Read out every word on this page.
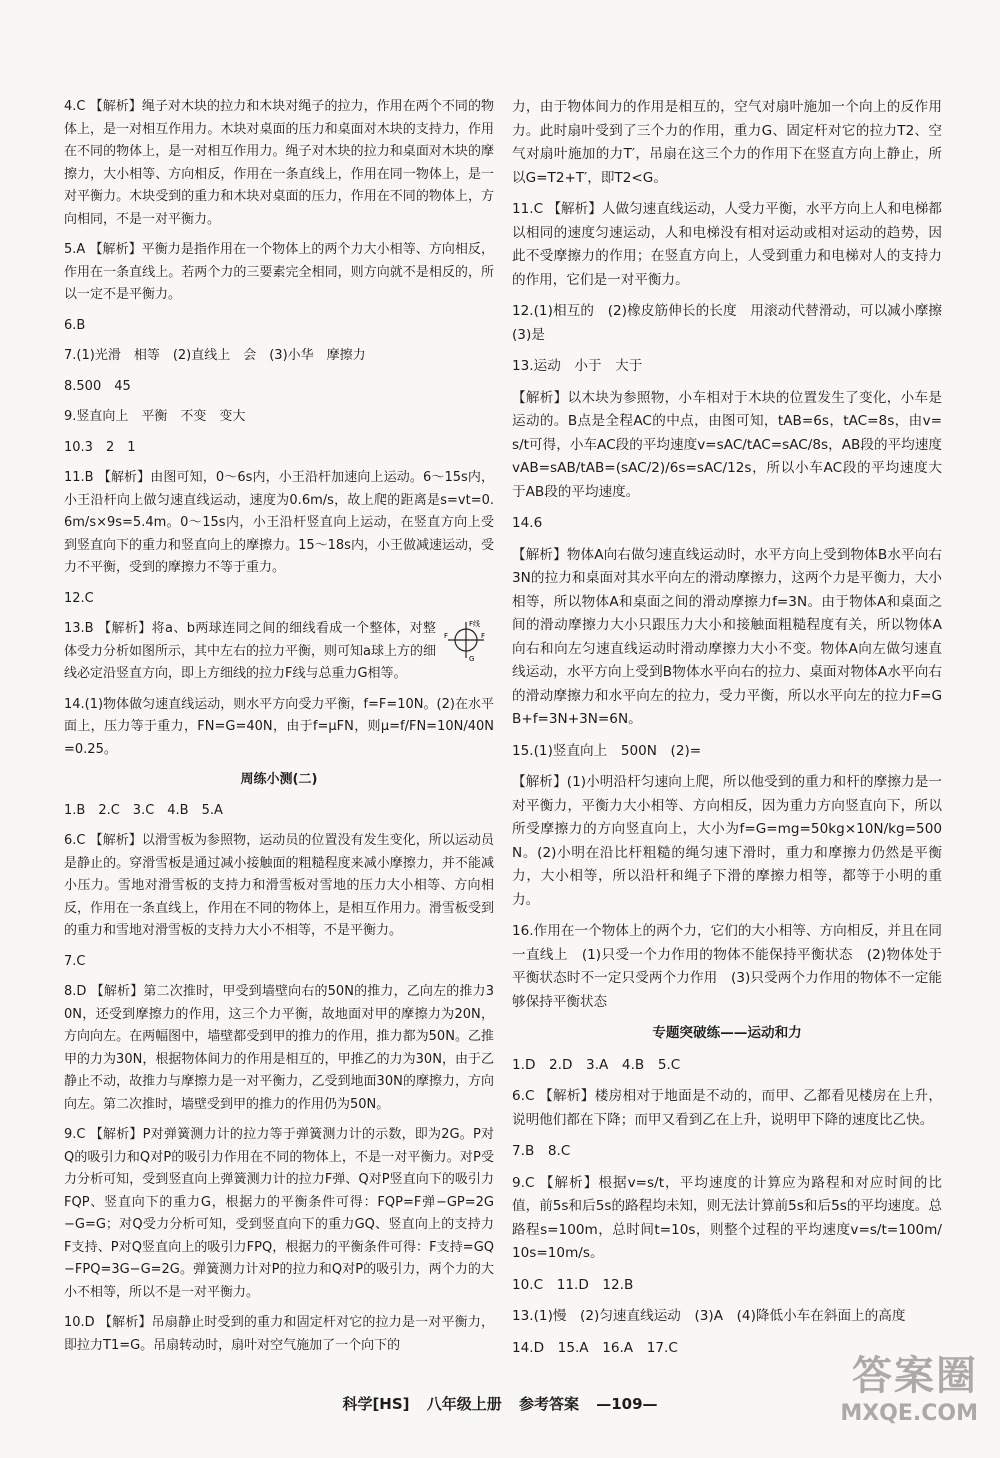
4.C 【解析】绳子对木块的拉力和木块对绳子的拉力，作用在两个不同的物体上，是一对相互作用力。木块对桌面的压力和桌面对木块的支持力，作用在不同的物体上，是一对相互作用力。绳子对木块的拉力和桌面对木块的摩擦力，大小相等、方向相反，作用在一条直线上，作用在同一物体上，是一对平衡力。木块受到的重力和木块对桌面的压力，作用在不同的物体上，方向相同，不是一对平衡力。
5.A 【解析】平衡力是指作用在一个物体上的两个力大小相等、方向相反，作用在一条直线上。若两个力的三要素完全相同，则方向就不是相反的，所以一定不是平衡力。
6.B
7.(1)光滑　相等　(2)直线上　会　(3)小华　摩擦力
8.500　45
9.竖直向上　平衡　不变　变大
10.3　2　1
11.B 【解析】由图可知，0～6s内，小王沿杆加速向上运动。6～15s内，小王沿杆向上做匀速直线运动，速度为0.6m/s，故上爬的距离是s=vt=0.6m/s×9s=5.4m。0～15s内，小王沿杆竖直向上运动，在竖直方向上受到竖直向下的重力和竖直向上的摩擦力。15～18s内，小王做减速运动，受力不平衡，受到的摩擦力不等于重力。
12.C
F线
F	F
G
13.B 【解析】将a、b两球连同之间的细线看成一个整体，对整体受力分析如图所示，其中左右的拉力平衡，则可知a球上方的细线必定沿竖直方向，即上方细线的拉力F线与总重力G相等。
14.(1)物体做匀速直线运动，则水平方向受力平衡，f=F=10N。(2)在水平面上，压力等于重力，FN=G=40N，由于f=μFN，则μ=f/FN=10N/40N=0.25。
周练小测(二)
1.B　2.C　3.C　4.B　5.A
6.C 【解析】以滑雪板为参照物，运动员的位置没有发生变化，所以运动员是静止的。穿滑雪板是通过减小接触面的粗糙程度来减小摩擦力，并不能减小压力。雪地对滑雪板的支持力和滑雪板对雪地的压力大小相等、方向相反，作用在一条直线上，作用在不同的物体上，是相互作用力。滑雪板受到的重力和雪地对滑雪板的支持力大小不相等，不是平衡力。
7.C
8.D 【解析】第二次推时，甲受到墙壁向右的50N的推力，乙向左的推力30N，还受到摩擦力的作用，这三个力平衡，故地面对甲的摩擦力为20N，方向向左。在两幅图中，墙壁都受到甲的推力的作用，推力都为50N。乙推甲的力为30N，根据物体间力的作用是相互的，甲推乙的力为30N，由于乙静止不动，故推力与摩擦力是一对平衡力，乙受到地面30N的摩擦力，方向向左。第二次推时，墙壁受到甲的推力的作用仍为50N。
9.C 【解析】P对弹簧测力计的拉力等于弹簧测力计的示数，即为2G。P对Q的吸引力和Q对P的吸引力作用在不同的物体上，不是一对平衡力。对P受力分析可知，受到竖直向上弹簧测力计的拉力F弹、Q对P竖直向下的吸引力FQP、竖直向下的重力G，根据力的平衡条件可得：FQP=F弹−GP=2G−G=G；对Q受力分析可知，受到竖直向下的重力GQ、竖直向上的支持力F支持、P对Q竖直向上的吸引力FPQ，根据力的平衡条件可得：F支持=GQ−FPQ=3G−G=2G。弹簧测力计对P的拉力和Q对P的吸引力，两个力的大小不相等，所以不是一对平衡力。
10.D 【解析】吊扇静止时受到的重力和固定杆对它的拉力是一对平衡力，即拉力T1=G。吊扇转动时，扇叶对空气施加了一个向下的
力，由于物体间力的作用是相互的，空气对扇叶施加一个向上的反作用力。此时扇叶受到了三个力的作用，重力G、固定杆对它的拉力T2、空气对扇叶施加的力T′，吊扇在这三个力的作用下在竖直方向上静止，所以G=T2+T′，即T2<G。
11.C 【解析】人做匀速直线运动，人受力平衡，水平方向上人和电梯都以相同的速度匀速运动，人和电梯没有相对运动或相对运动的趋势，因此不受摩擦力的作用；在竖直方向上，人受到重力和电梯对人的支持力的作用，它们是一对平衡力。
12.(1)相互的　(2)橡皮筋伸长的长度　用滚动代替滑动，可以减小摩擦　(3)是
13.运动　小于　大于
【解析】以木块为参照物，小车相对于木块的位置发生了变化，小车是运动的。B点是全程AC的中点，由图可知，tAB=6s，tAC=8s，由v=s/t可得，小车AC段的平均速度v=sAC/tAC=sAC/8s，AB段的平均速度vAB=sAB/tAB=(sAC/2)/6s=sAC/12s，所以小车AC段的平均速度大于AB段的平均速度。
14.6
【解析】物体A向右做匀速直线运动时，水平方向上受到物体B水平向右3N的拉力和桌面对其水平向左的滑动摩擦力，这两个力是平衡力，大小相等，所以物体A和桌面之间的滑动摩擦力f=3N。由于物体A和桌面之间的滑动摩擦力大小只跟压力大小和接触面粗糙程度有关，所以物体A向右和向左匀速直线运动时滑动摩擦力大小不变。物体A向左做匀速直线运动，水平方向上受到B物体水平向右的拉力、桌面对物体A水平向右的滑动摩擦力和水平向左的拉力，受力平衡，所以水平向左的拉力F=GB+f=3N+3N=6N。
15.(1)竖直向上　500N　(2)=
【解析】(1)小明沿杆匀速向上爬，所以他受到的重力和杆的摩擦力是一对平衡力，平衡力大小相等、方向相反，因为重力方向竖直向下，所以所受摩擦力的方向竖直向上，大小为f=G=mg=50kg×10N/kg=500N。(2)小明在沿比杆粗糙的绳匀速下滑时，重力和摩擦力仍然是平衡力，大小相等，所以沿杆和绳子下滑的摩擦力相等，都等于小明的重力。
16.作用在一个物体上的两个力，它们的大小相等、方向相反，并且在同一直线上　(1)只受一个力作用的物体不能保持平衡状态　(2)物体处于平衡状态时不一定只受两个力作用　(3)只受两个力作用的物体不一定能够保持平衡状态
专题突破练——运动和力
1.D　2.D　3.A　4.B　5.C
6.C 【解析】楼房相对于地面是不动的，而甲、乙都看见楼房在上升，说明他们都在下降；而甲又看到乙在上升，说明甲下降的速度比乙快。
7.B　8.C
9.C 【解析】根据v=s/t，平均速度的计算应为路程和对应时间的比值，前5s和后5s的路程均未知，则无法计算前5s和后5s的平均速度。总路程s=100m，总时间t=10s，则整个过程的平均速度v=s/t=100m/10s=10m/s。
10.C　11.D　12.B
13.(1)慢　(2)匀速直线运动　(3)A　(4)降低小车在斜面上的高度
14.D　15.A　16.A　17.C
科学[HS] 八年级上册 参考答案 —109—
答案圈
MXQE.COM
